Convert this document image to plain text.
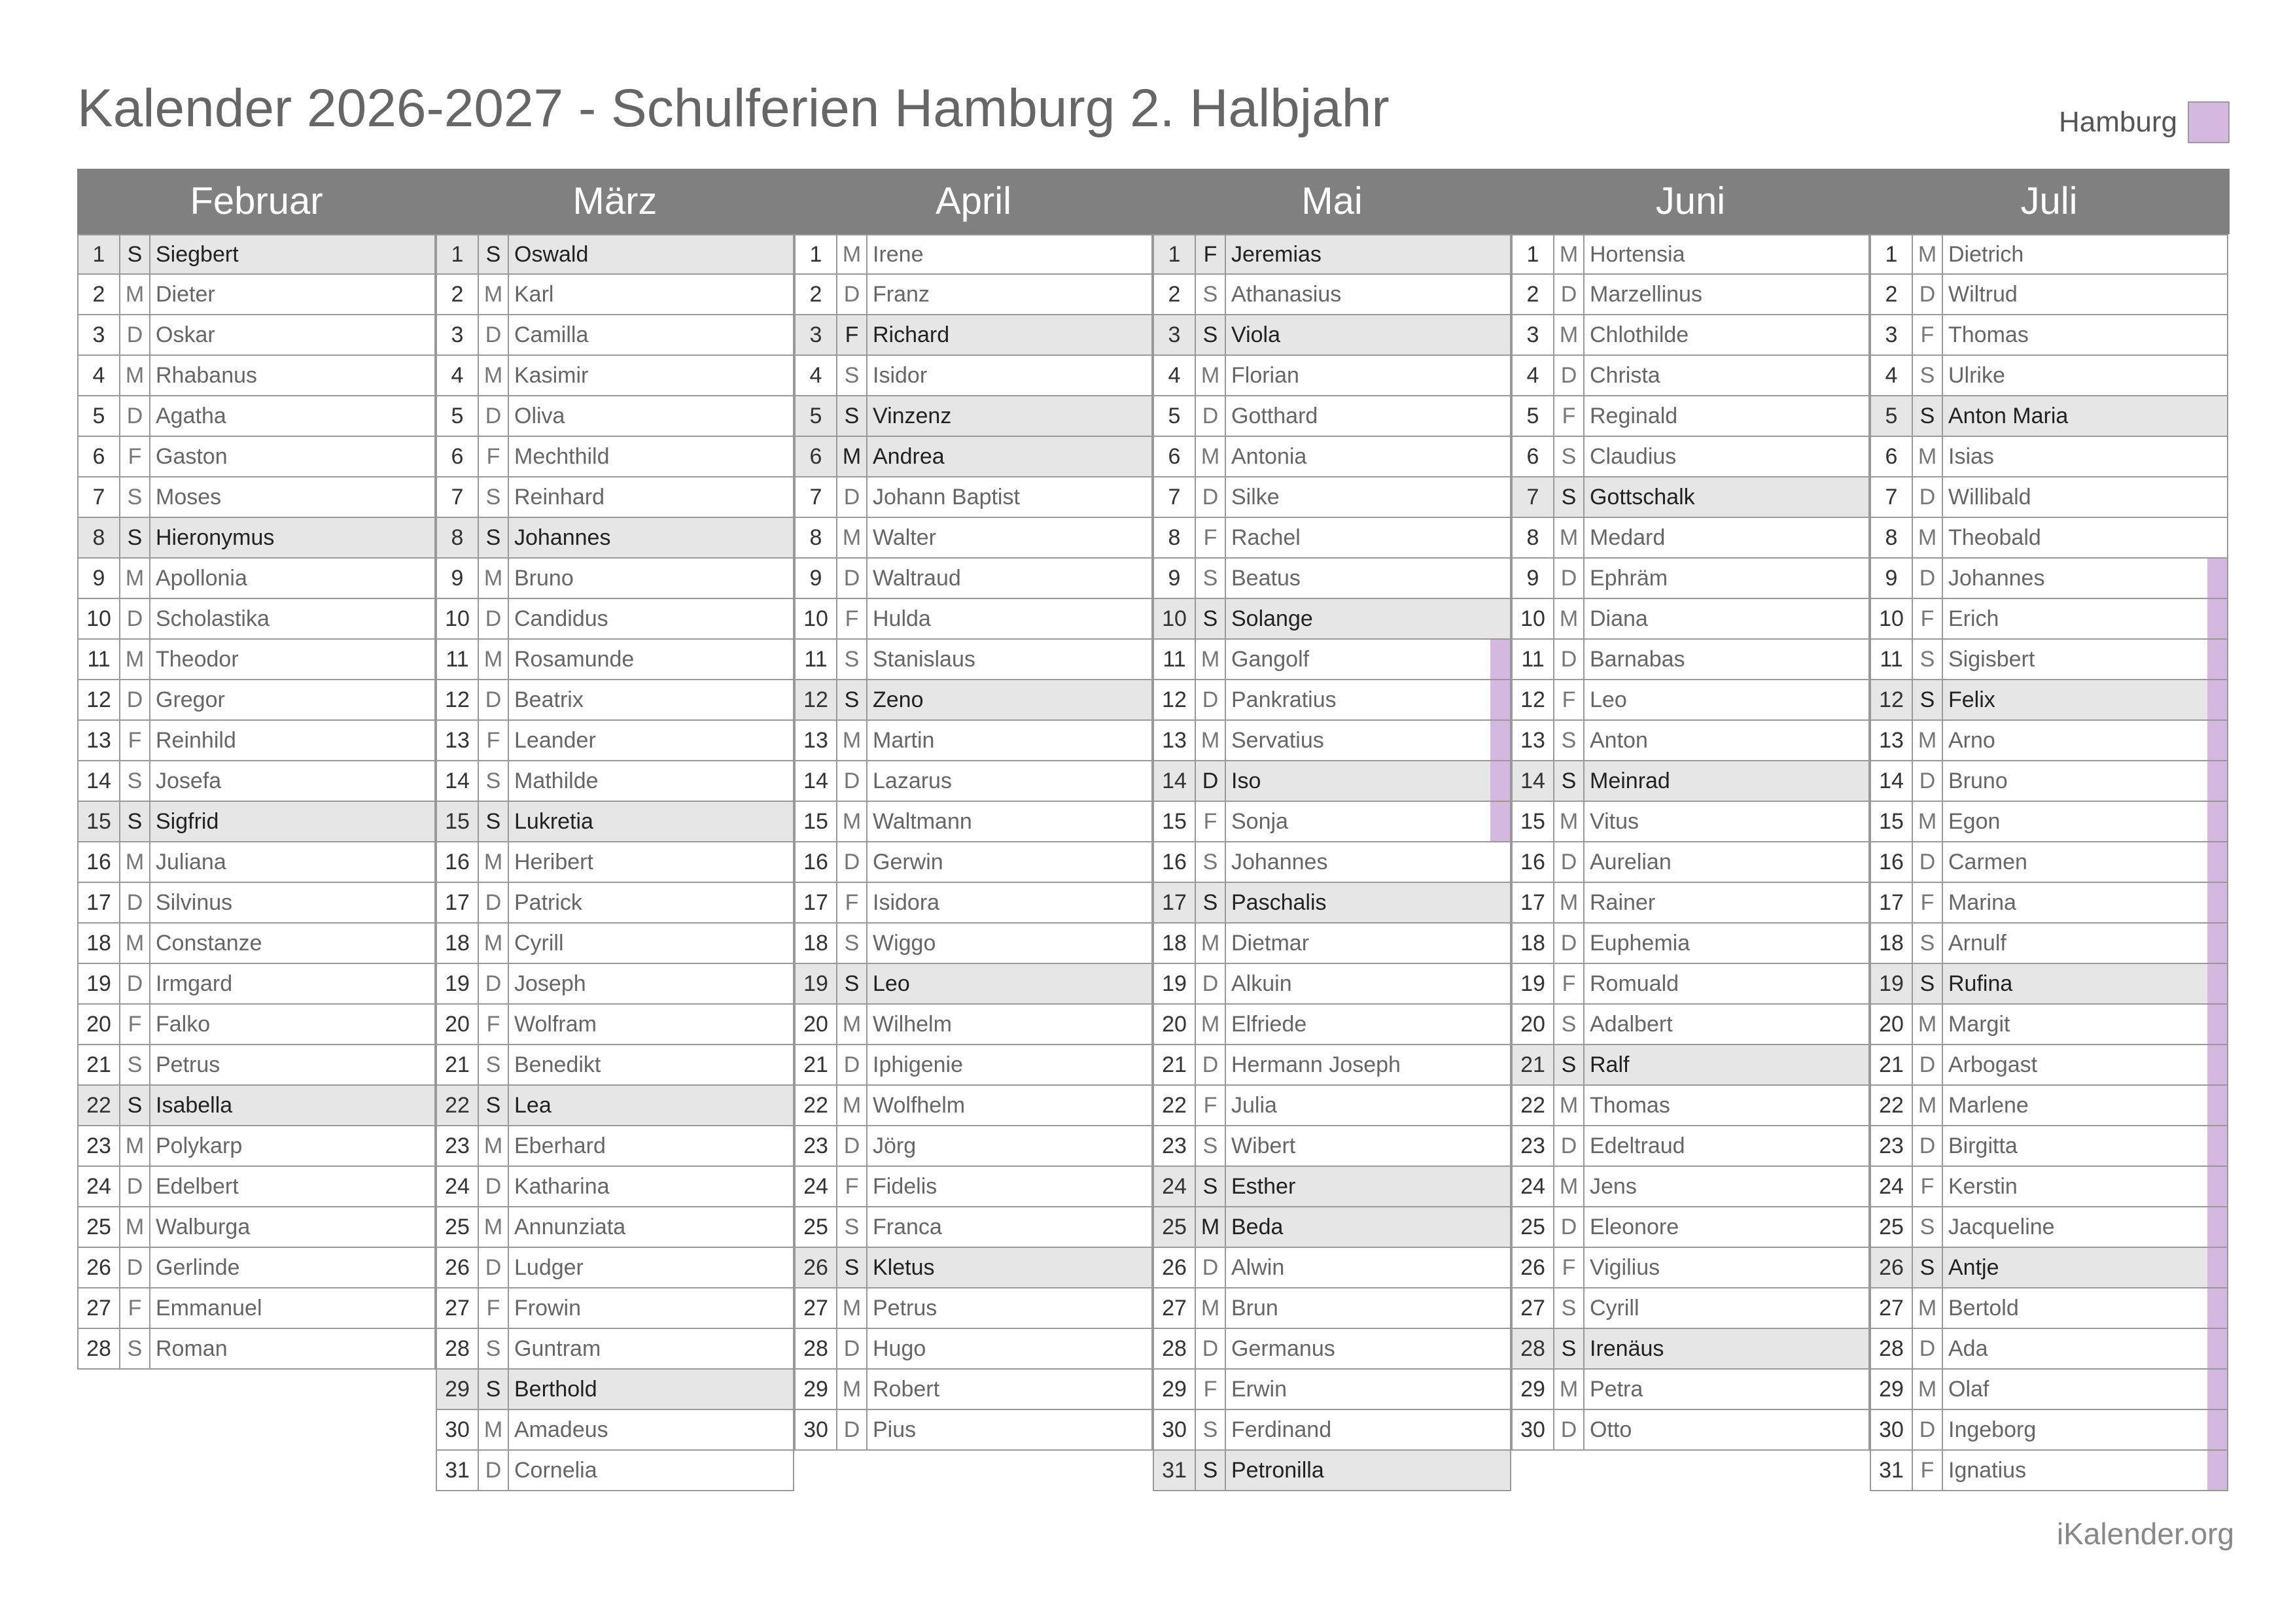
Kalender 2026-2027 - Schulferien Hamburg 2. Halbjahr	Hamburg
Februar	März	April	Mai	Juni	Juli
1	S Siegbert
2 M Dieter
3 D Oskar
4 M Rhabanus
5 D Agatha
6	F Gaston
7	S Moses
8	S Hieronymus
9 M Apollonia
10 D Scholastika
11 M Theodor
12 D Gregor
13 F Reinhild
14 S Josefa
15 S Sigfrid
16 M Juliana
17 D Silvinus
18 M Constanze
19 D Irmgard
20 F Falko
21 S Petrus
22 S Isabella
23 M Polykarp
24 D Edelbert
25 M Walburga
26 D Gerlinde
27 F Emmanuel
28 S Roman
1	S Oswald
2 M Karl
3 D Camilla
4 M Kasimir
5 D Oliva
6	F Mechthild
7	S Reinhard
8	S Johannes
9 M Bruno
10 D Candidus
11 M Rosamunde
12 D Beatrix
13 F Leander
14 S Mathilde
15 S Lukretia
16 M Heribert
17 D Patrick
18 M Cyrill
19 D Joseph
20 F Wolfram
21 S Benedikt
22 S Lea
23 M Eberhard
24 D Katharina
25 M Annunziata
26 D Ludger
27 F Frowin
28 S Guntram
29 S Berthold
30 M Amadeus
31 D Cornelia
1 M Irene
2 D Franz
3	F Richard
4	S Isidor
5	S Vinzenz
6 M Andrea
7 D Johann Baptist
8 M Walter
9 D Waltraud
10 F Hulda
11 S Stanislaus
12 S Zeno
13 M Martin
14 D Lazarus
15 M Waltmann
16 D Gerwin
17 F Isidora
18 S Wiggo
19 S Leo
20 M Wilhelm
21 D Iphigenie
22 M Wolfhelm
23 D Jörg
24 F Fidelis
25 S Franca
26 S Kletus
27 M Petrus
28 D Hugo
29 M Robert
30 D Pius
1	F Jeremias
2	S Athanasius
3	S Viola
4 M Florian
5 D Gotthard
6 M Antonia
7 D Silke
8	F Rachel
9	S Beatus
10 S Solange
11 M Gangolf
12 D Pankratius
13 M Servatius
14 D Iso
15 F Sonja
16 S Johannes
17 S Paschalis
18 M Dietmar
19 D Alkuin
20 M Elfriede
21 D Hermann Joseph
22 F Julia
23 S Wibert
24 S Esther
25 M Beda
26 D Alwin
27 M Brun
28 D Germanus
29 F Erwin
30 S Ferdinand
31 S Petronilla
1 M Hortensia
2 D Marzellinus
3 M Chlothilde
4 D Christa
5	F Reginald
6	S Claudius
7	S Gottschalk
8 M Medard
9 D Ephräm
10 M Diana
11 D Barnabas
12 F Leo
13 S Anton
14 S Meinrad
15 M Vitus
16 D Aurelian
17 M Rainer
18 D Euphemia
19 F Romuald
20 S Adalbert
21 S Ralf
22 M Thomas
23 D Edeltraud
24 M Jens
25 D Eleonore
26 F Vigilius
27 S Cyrill
28 S Irenäus
29 M Petra
30 D Otto
1 M Dietrich
2 D Wiltrud
3	F Thomas
4	S Ulrike
5	S Anton Maria
6 M Isias
7 D Willibald
8 M Theobald
9 D Johannes
10 F Erich
11 S Sigisbert
12 S Felix
13 M Arno
14 D Bruno
15 M Egon
16 D Carmen
17 F Marina
18 S Arnulf
19 S Rufina
20 M Margit
21 D Arbogast
22 M Marlene
23 D Birgitta
24 F Kerstin
25 S Jacqueline
26 S Antje
27 M Bertold
28 D Ada
29 M Olaf
30 D Ingeborg
31 F Ignatius
iKalender.org
